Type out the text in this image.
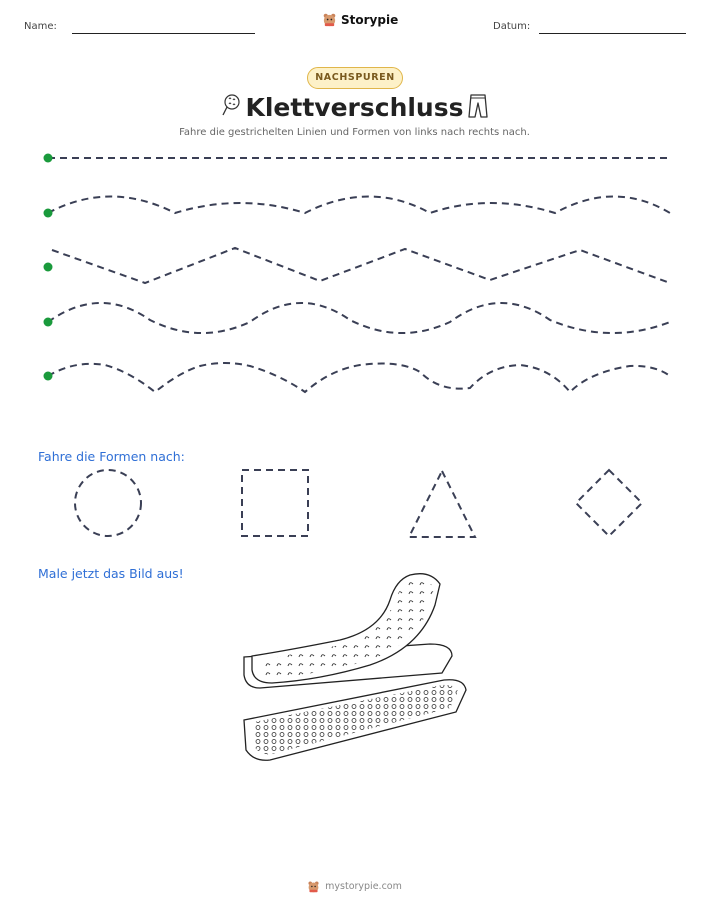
Name:	Storypie	Datum:
NACHSPUREN
Klettverschluss
Fahre die gestrichelten Linien und Formen von links nach rechts nach.
Fahre die Formen nach:
Male jetzt das Bild aus!
mystorypie.com
